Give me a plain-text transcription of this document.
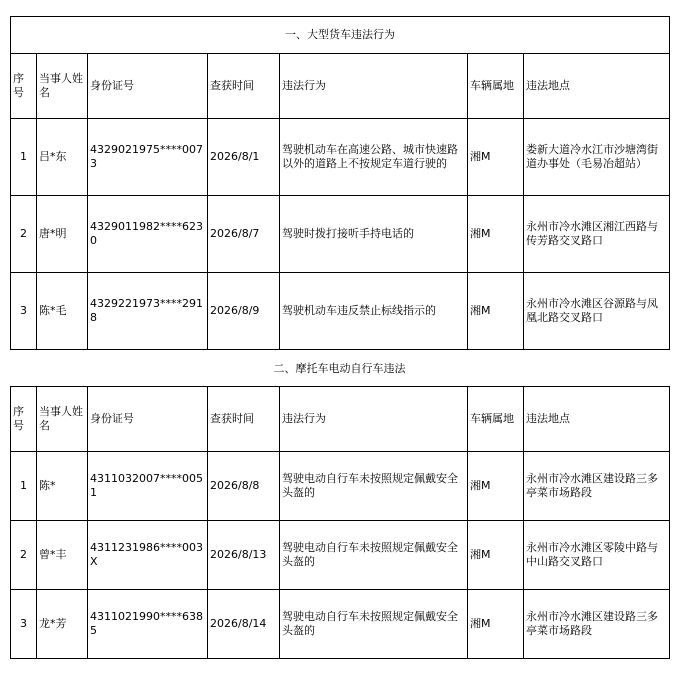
一、大型货车违法行为						
序号	当事人姓名	身份证号	查获时间	违法行为	车辆属地	违法地点
1	吕*东	4329021975****0073	2026/8/1	驾驶机动车在高速公路、城市快速路以外的道路上不按规定车道行驶的	湘M	娄新大道冷水江市沙塘湾街道办事处（毛易冶超站）
2	唐*明	4329011982****6230	2026/8/7	驾驶时拨打接听手持电话的	湘M	永州市冷水滩区湘江西路与传芳路交叉路口
3	陈*毛	4329221973****2918	2026/8/9	驾驶机动车违反禁止标线指示的	湘M	永州市冷水滩区谷源路与凤凰北路交叉路口
二、摩托车电动自行车违法
序号	当事人姓名	身份证号	查获时间	违法行为	车辆属地	违法地点
1	陈*	4311032007****0051	2026/8/8	驾驶电动自行车未按照规定佩戴安全头盔的	湘M	永州市冷水滩区建设路三多亭菜市场路段
2	曾*丰	4311231986****003X	2026/8/13	驾驶电动自行车未按照规定佩戴安全头盔的	湘M	永州市冷水滩区零陵中路与中山路交叉路口
3	龙*芳	4311021990****6385	2026/8/14	驾驶电动自行车未按照规定佩戴安全头盔的	湘M	永州市冷水滩区建设路三多亭菜市场路段
